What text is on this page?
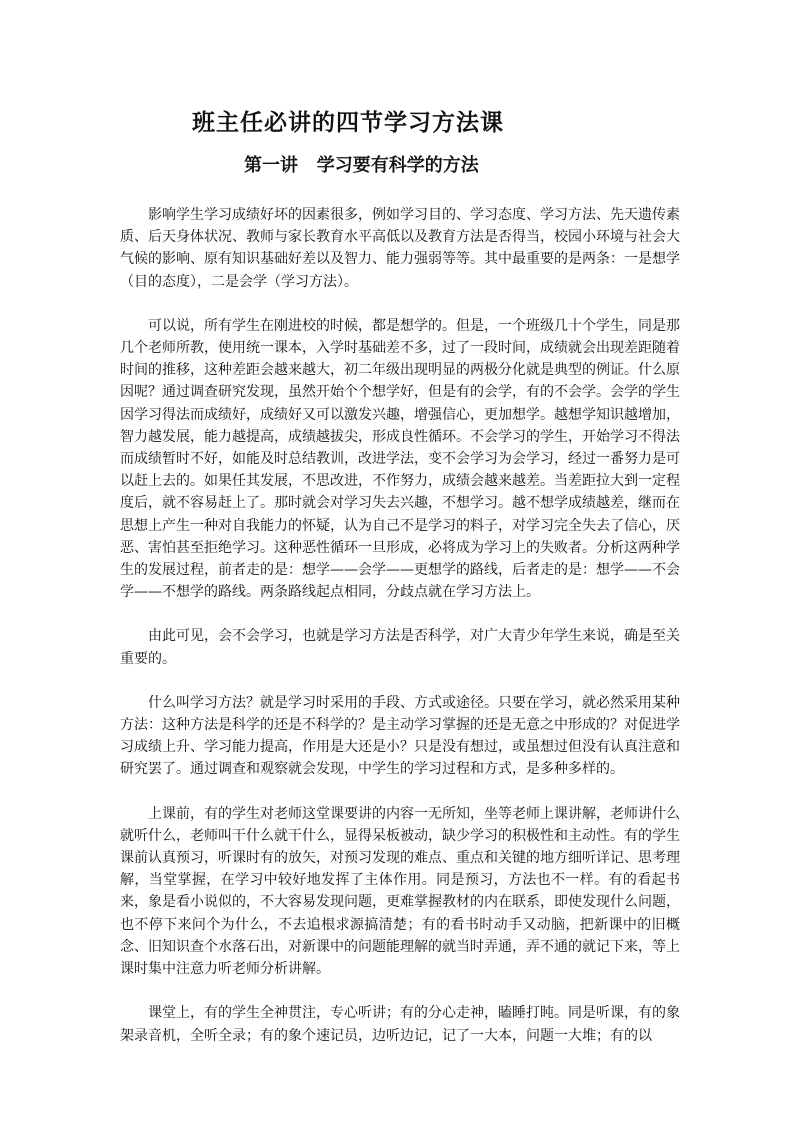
班主任必讲的四节学习方法课
第一讲   学习要有科学的方法

影响学生学习成绩好坏的因素很多，例如学习目的、学习态度、学习方法、先天遗传素质、后天身体状况、教师与家长教育水平高低以及教育方法是否得当，校园小环境与社会大气候的影响、原有知识基础好差以及智力、能力强弱等等。其中最重要的是两条：一是想学（目的态度），二是会学（学习方法）。

可以说，所有学生在刚进校的时候，都是想学的。但是，一个班级几十个学生，同是那几个老师所教，使用统一课本，入学时基础差不多，过了一段时间，成绩就会出现差距随着时间的推移，这种差距会越来越大，初二年级出现明显的两极分化就是典型的例证。什么原因呢？通过调查研究发现，虽然开始个个想学好，但是有的会学，有的不会学。会学的学生因学习得法而成绩好，成绩好又可以激发兴趣，增强信心，更加想学。越想学知识越增加，智力越发展，能力越提高，成绩越拔尖，形成良性循环。不会学习的学生，开始学习不得法而成绩暂时不好，如能及时总结教训，改进学法，变不会学习为会学习，经过一番努力是可以赶上去的。如果任其发展，不思改进，不作努力，成绩会越来越差。当差距拉大到一定程度后，就不容易赶上了。那时就会对学习失去兴趣，不想学习。越不想学成绩越差，继而在思想上产生一种对自我能力的怀疑，认为自己不是学习的料子，对学习完全失去了信心，厌恶、害怕甚至拒绝学习。这种恶性循环一旦形成，必将成为学习上的失败者。分析这两种学生的发展过程，前者走的是：想学——会学——更想学的路线，后者走的是：想学——不会学——不想学的路线。两条路线起点相同，分歧点就在学习方法上。

由此可见，会不会学习，也就是学习方法是否科学，对广大青少年学生来说，确是至关重要的。

什么叫学习方法？就是学习时采用的手段、方式或途径。只要在学习，就必然采用某种方法：这种方法是科学的还是不科学的？是主动学习掌握的还是无意之中形成的？对促进学习成绩上升、学习能力提高，作用是大还是小？只是没有想过，或虽想过但没有认真注意和研究罢了。通过调查和观察就会发现，中学生的学习过程和方式，是多种多样的。

上课前，有的学生对老师这堂课要讲的内容一无所知，坐等老师上课讲解，老师讲什么就听什么，老师叫干什么就干什么，显得呆板被动，缺少学习的积极性和主动性。有的学生课前认真预习，听课时有的放矢，对预习发现的难点、重点和关键的地方细听详记、思考理解，当堂掌握，在学习中较好地发挥了主体作用。同是预习，方法也不一样。有的看起书来，象是看小说似的，不大容易发现问题，更难掌握教材的内在联系，即使发现什么问题，也不停下来问个为什么，不去追根求源搞清楚；有的看书时动手又动脑，把新课中的旧概念、旧知识查个水落石出，对新课中的问题能理解的就当时弄通，弄不通的就记下来，等上课时集中注意力听老师分析讲解。

课堂上，有的学生全神贯注，专心听讲；有的分心走神，瞌睡打盹。同是听课，有的象架录音机，全听全录；有的象个速记员，边听边记，记了一大本，问题一大堆；有的以
